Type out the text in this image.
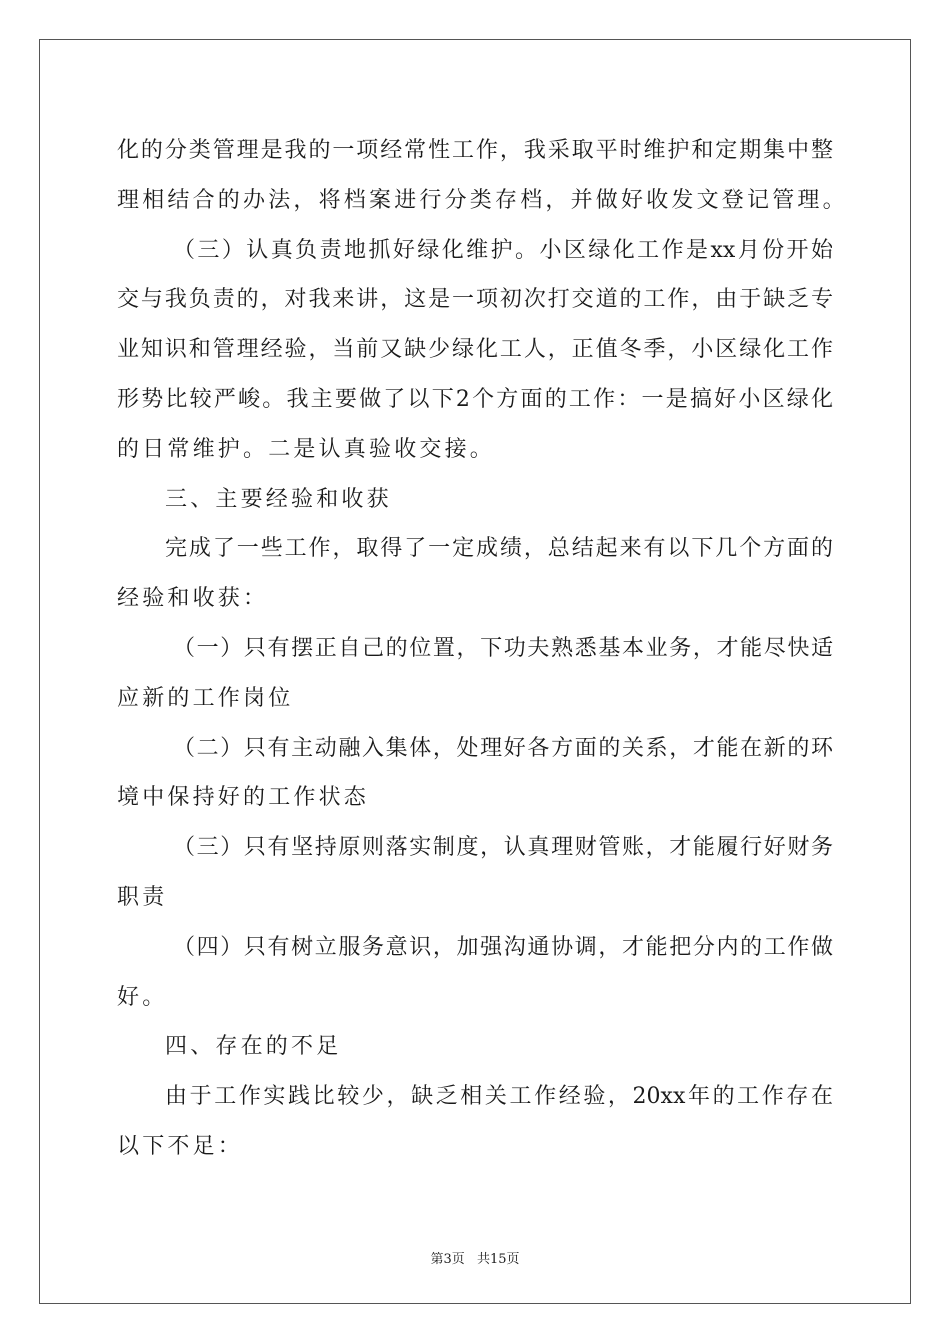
化的分类管理是我的一项经常性工作，我采取平时维护和定期集中整
理相结合的办法，将档案进行分类存档，并做好收发文登记管理。
（三）认真负责地抓好绿化维护。小区绿化工作是xx月份开始
交与我负责的，对我来讲，这是一项初次打交道的工作，由于缺乏专
业知识和管理经验，当前又缺少绿化工人，正值冬季，小区绿化工作
形势比较严峻。我主要做了以下2个方面的工作：一是搞好小区绿化
的日常维护。二是认真验收交接。
三、主要经验和收获
完成了一些工作，取得了一定成绩，总结起来有以下几个方面的
经验和收获：
（一）只有摆正自己的位置，下功夫熟悉基本业务，才能尽快适
应新的工作岗位
（二）只有主动融入集体，处理好各方面的关系，才能在新的环
境中保持好的工作状态
（三）只有坚持原则落实制度，认真理财管账，才能履行好财务
职责
（四）只有树立服务意识，加强沟通协调，才能把分内的工作做
好。
四、存在的不足
由于工作实践比较少，缺乏相关工作经验，20xx年的工作存在
以下不足：
第3页 共15页
